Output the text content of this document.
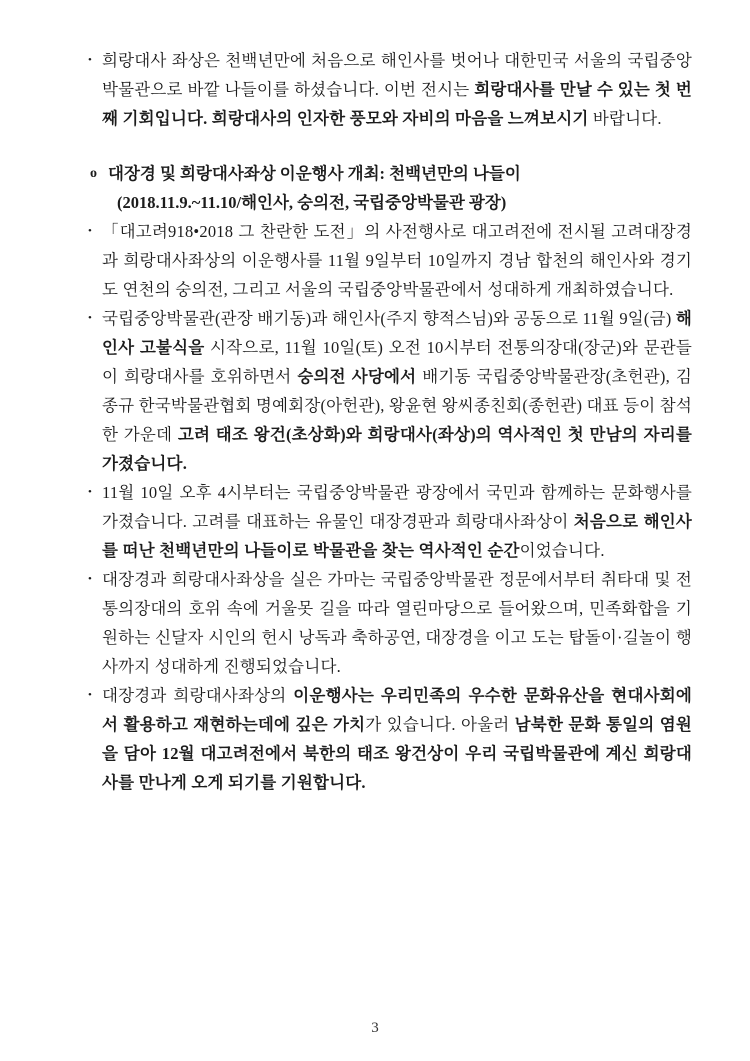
• 희랑대사 좌상은 천백년만에 처음으로 해인사를 벗어나 대한민국 서울의 국립중앙박물관으로 바깥 나들이를 하셨습니다. 이번 전시는 희랑대사를 만날 수 있는 첫 번째 기회입니다. 희랑대사의 인자한 풍모와 자비의 마음을 느껴보시기 바랍니다.
o 대장경 및 희랑대사좌상 이운행사 개최: 천백년만의 나들이
(2018.11.9.~11.10/해인사, 숭의전, 국립중앙박물관 광장)
• 「대고려918•2018 그 찬란한 도전」의 사전행사로 대고려전에 전시될 고려대장경과 희랑대사좌상의 이운행사를 11월 9일부터 10일까지 경남 합천의 해인사와 경기도 연천의 숭의전, 그리고 서울의 국립중앙박물관에서 성대하게 개최하였습니다.
• 국립중앙박물관(관장 배기동)과 해인사(주지 향적스님)와 공동으로 11월 9일(금) 해인사 고불식을 시작으로, 11월 10일(토) 오전 10시부터 전통의장대(장군)와 문관들이 희랑대사를 호위하면서 숭의전 사당에서 배기동 국립중앙박물관장(초헌관), 김종규 한국박물관협회 명예회장(아헌관), 왕윤현 왕씨종친회(종헌관) 대표 등이 참석한 가운데 고려 태조 왕건(초상화)와 희랑대사(좌상)의 역사적인 첫 만남의 자리를 가졌습니다.
• 11월 10일 오후 4시부터는 국립중앙박물관 광장에서 국민과 함께하는 문화행사를 가졌습니다. 고려를 대표하는 유물인 대장경판과 희랑대사좌상이 처음으로 해인사를 떠난 천백년만의 나들이로 박물관을 찾는 역사적인 순간이었습니다.
• 대장경과 희랑대사좌상을 실은 가마는 국립중앙박물관 정문에서부터 취타대 및 전통의장대의 호위 속에 거울못 길을 따라 열린마당으로 들어왔으며, 민족화합을 기원하는 신달자 시인의 헌시 낭독과 축하공연, 대장경을 이고 도는 탑돌이·길놀이 행사까지 성대하게 진행되었습니다.
• 대장경과 희랑대사좌상의 이운행사는 우리민족의 우수한 문화유산을 현대사회에서 활용하고 재현하는데에 깊은 가치가 있습니다. 아울러 남북한 문화 통일의 염원을 담아 12월 대고려전에서 북한의 태조 왕건상이 우리 국립박물관에 계신 희랑대사를 만나게 오게 되기를 기원합니다.
3
